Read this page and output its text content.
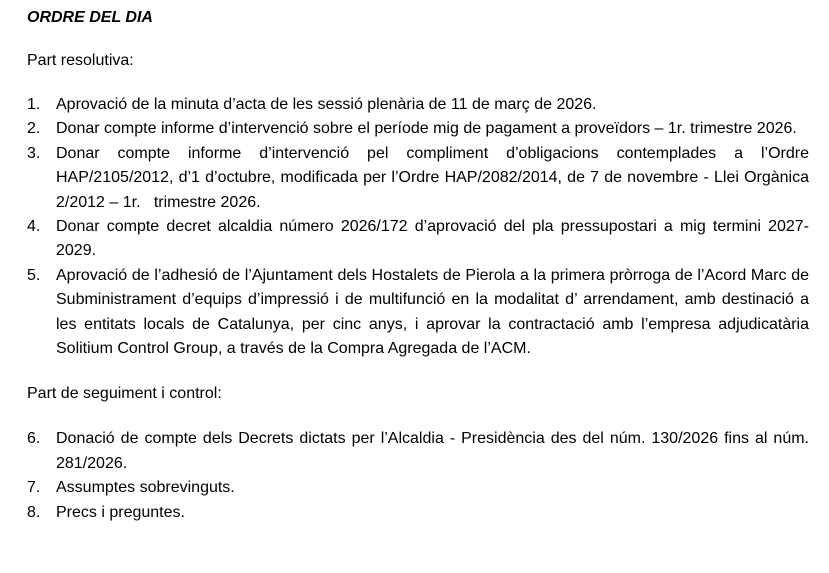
ORDRE DEL DIA

Part resolutiva:

1. Aprovació de la minuta d’acta de les sessió plenària de 11 de març de 2026.
2. Donar compte informe d’intervenció sobre el període mig de pagament a proveïdors – 1r. trimestre 2026.
3. Donar compte informe d’intervenció pel compliment d’obligacions contemplades a l’Ordre HAP/2105/2012, d’1 d’octubre, modificada per l’Ordre HAP/2082/2014, de 7 de novembre - Llei Orgànica 2/2012 – 1r.   trimestre 2026.
4. Donar compte decret alcaldia número 2026/172 d’aprovació del pla pressupostari a mig termini 2027-2029.
5. Aprovació de l’adhesió de l’Ajuntament dels Hostalets de Pierola a la primera pròrroga de l’Acord Marc de Subministrament d’equips d’impressió i de multifunció en la modalitat d’ arrendament, amb destinació a les entitats locals de Catalunya, per cinc anys, i aprovar la contractació amb l’empresa adjudicatària Solitium Control Group, a través de la Compra Agregada de l’ACM.

Part de seguiment i control:

6. Donació de compte dels Decrets dictats per l’Alcaldia - Presidència des del núm. 130/2026 fins al núm. 281/2026.
7. Assumptes sobrevinguts.
8. Precs i preguntes.
